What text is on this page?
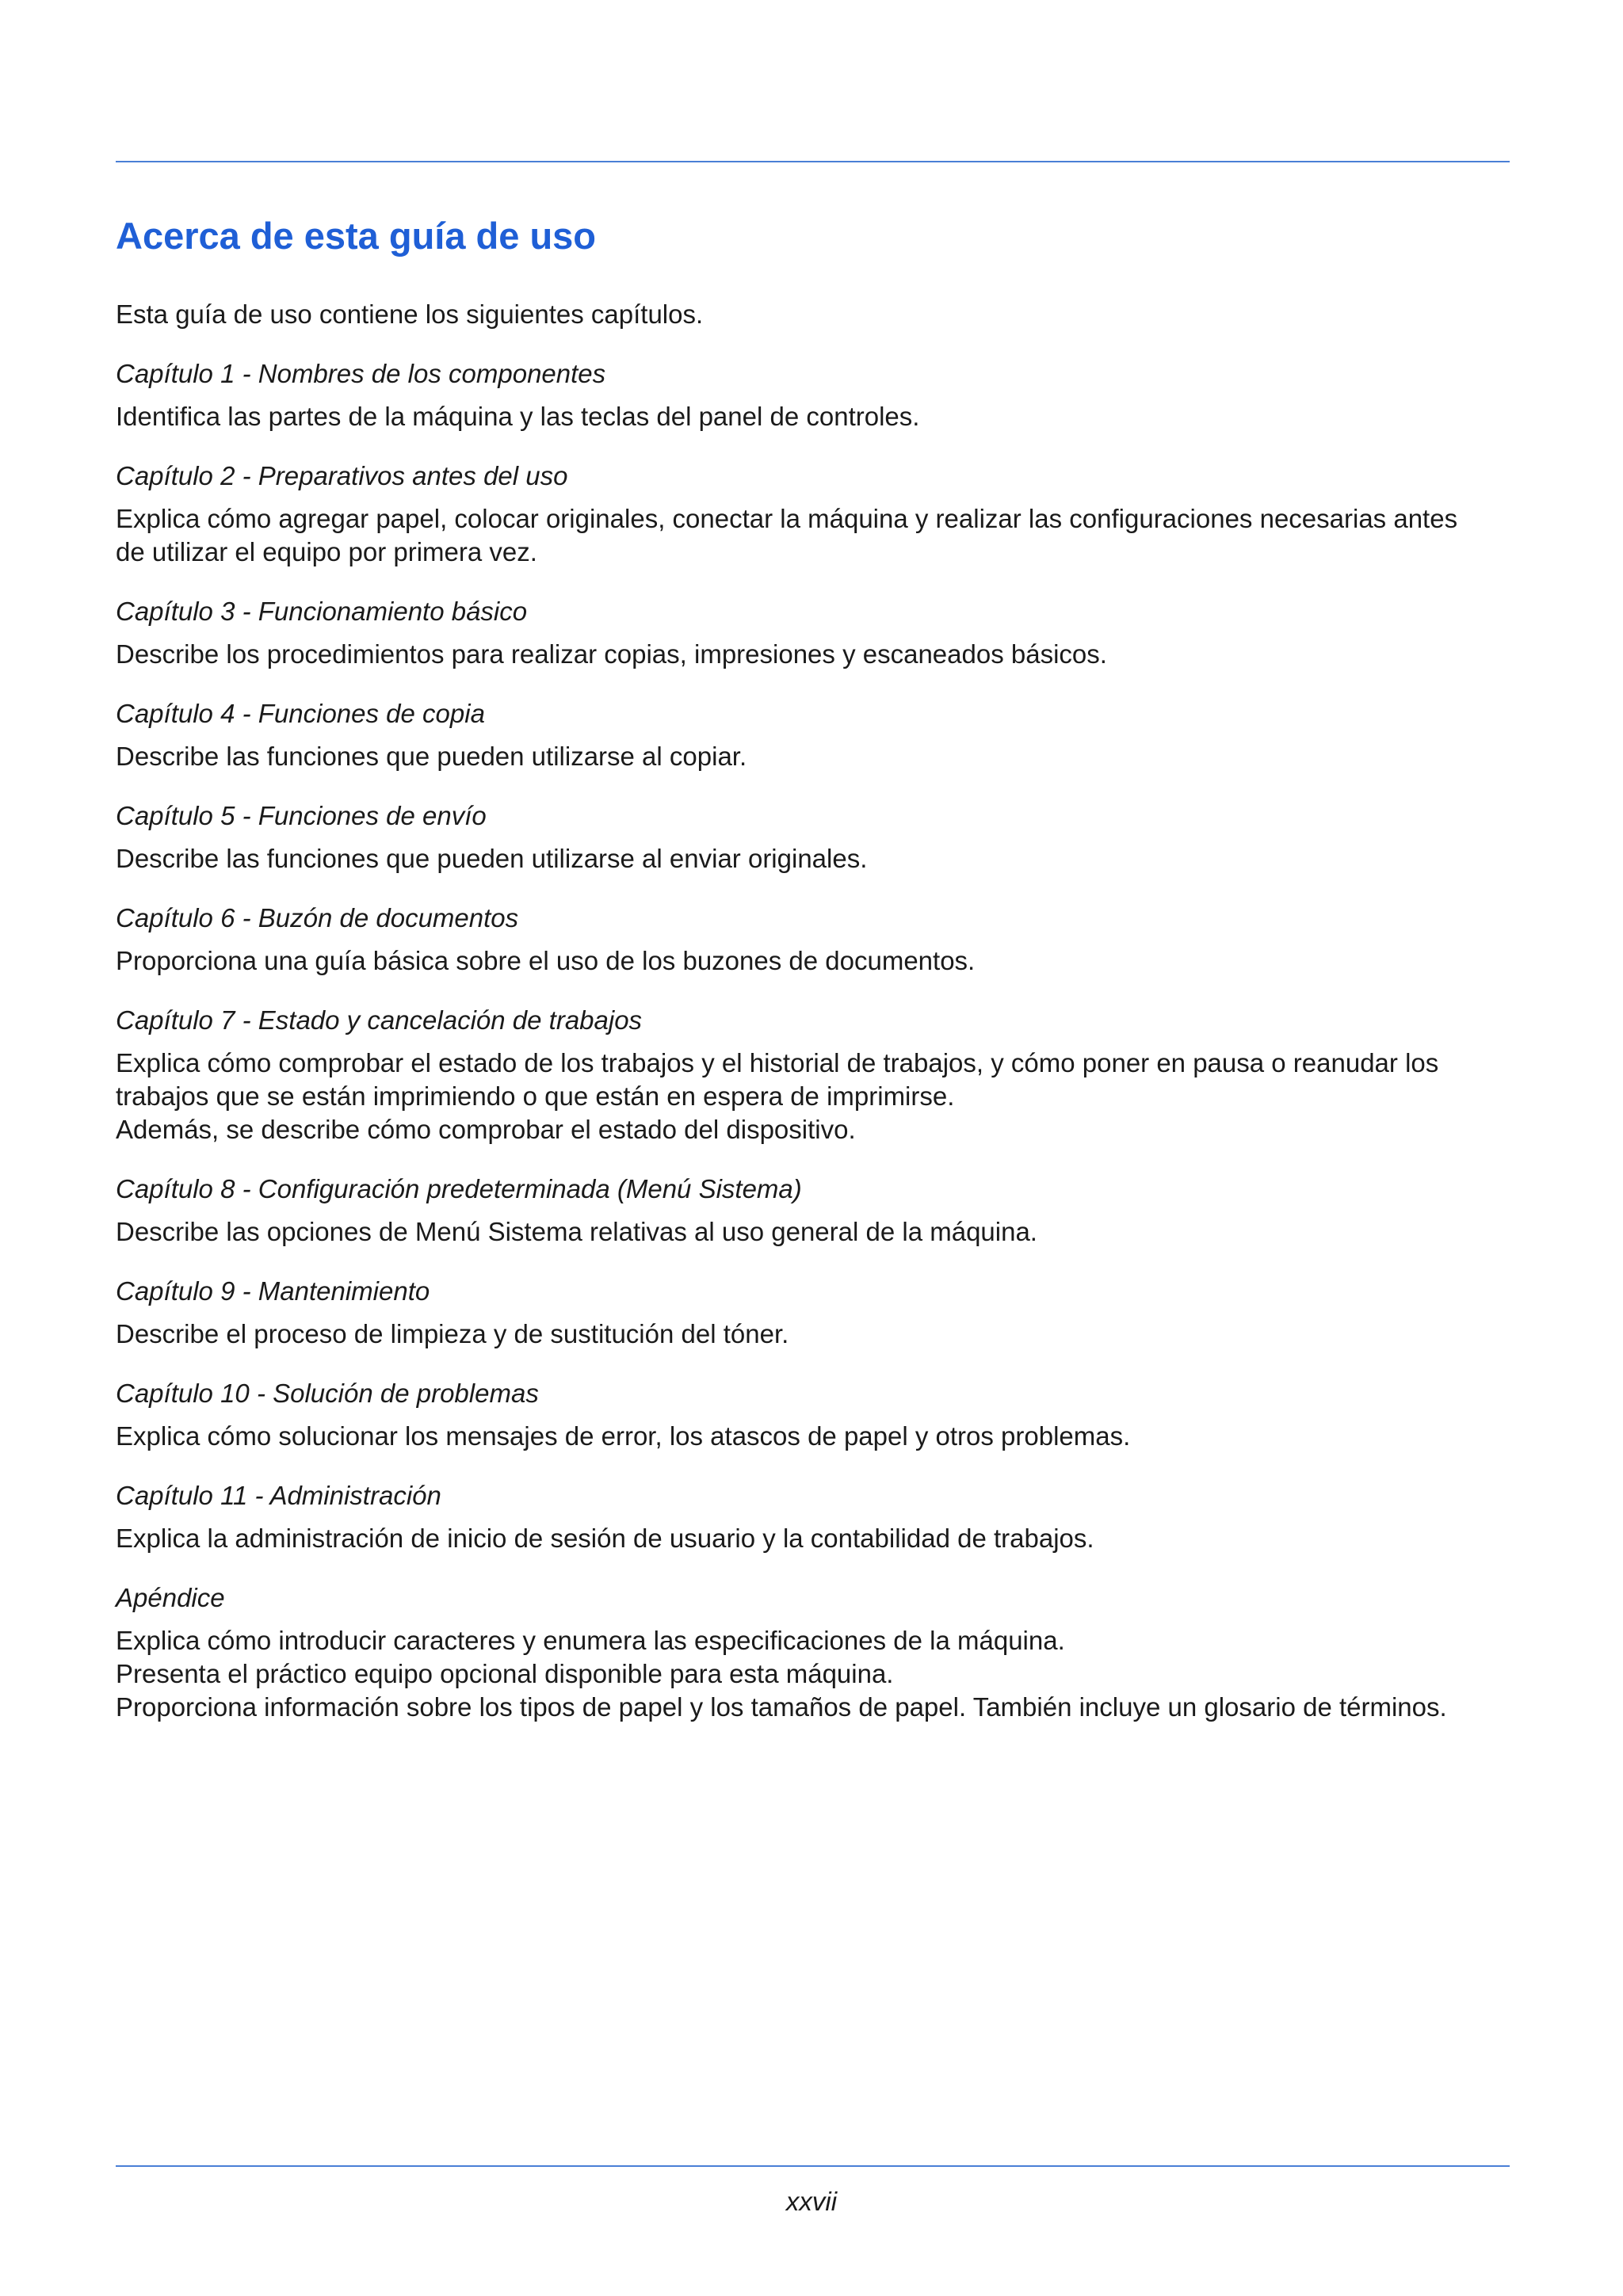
Acerca de esta guía de uso

Esta guía de uso contiene los siguientes capítulos.

Capítulo 1 - Nombres de los componentes

Identifica las partes de la máquina y las teclas del panel de controles.

Capítulo 2 - Preparativos antes del uso

Explica cómo agregar papel, colocar originales, conectar la máquina y realizar las configuraciones necesarias antes
de utilizar el equipo por primera vez.

Capítulo 3 - Funcionamiento básico

Describe los procedimientos para realizar copias, impresiones y escaneados básicos.

Capítulo 4 - Funciones de copia

Describe las funciones que pueden utilizarse al copiar.

Capítulo 5 - Funciones de envío

Describe las funciones que pueden utilizarse al enviar originales.

Capítulo 6 - Buzón de documentos

Proporciona una guía básica sobre el uso de los buzones de documentos.

Capítulo 7 - Estado y cancelación de trabajos

Explica cómo comprobar el estado de los trabajos y el historial de trabajos, y cómo poner en pausa o reanudar los
trabajos que se están imprimiendo o que están en espera de imprimirse.
Además, se describe cómo comprobar el estado del dispositivo.

Capítulo 8 - Configuración predeterminada (Menú Sistema)

Describe las opciones de Menú Sistema relativas al uso general de la máquina.

Capítulo 9 - Mantenimiento

Describe el proceso de limpieza y de sustitución del tóner.

Capítulo 10 - Solución de problemas

Explica cómo solucionar los mensajes de error, los atascos de papel y otros problemas.

Capítulo 11 - Administración

Explica la administración de inicio de sesión de usuario y la contabilidad de trabajos.

Apéndice

Explica cómo introducir caracteres y enumera las especificaciones de la máquina.
Presenta el práctico equipo opcional disponible para esta máquina.
Proporciona información sobre los tipos de papel y los tamaños de papel. También incluye un glosario de términos.

xxvii
